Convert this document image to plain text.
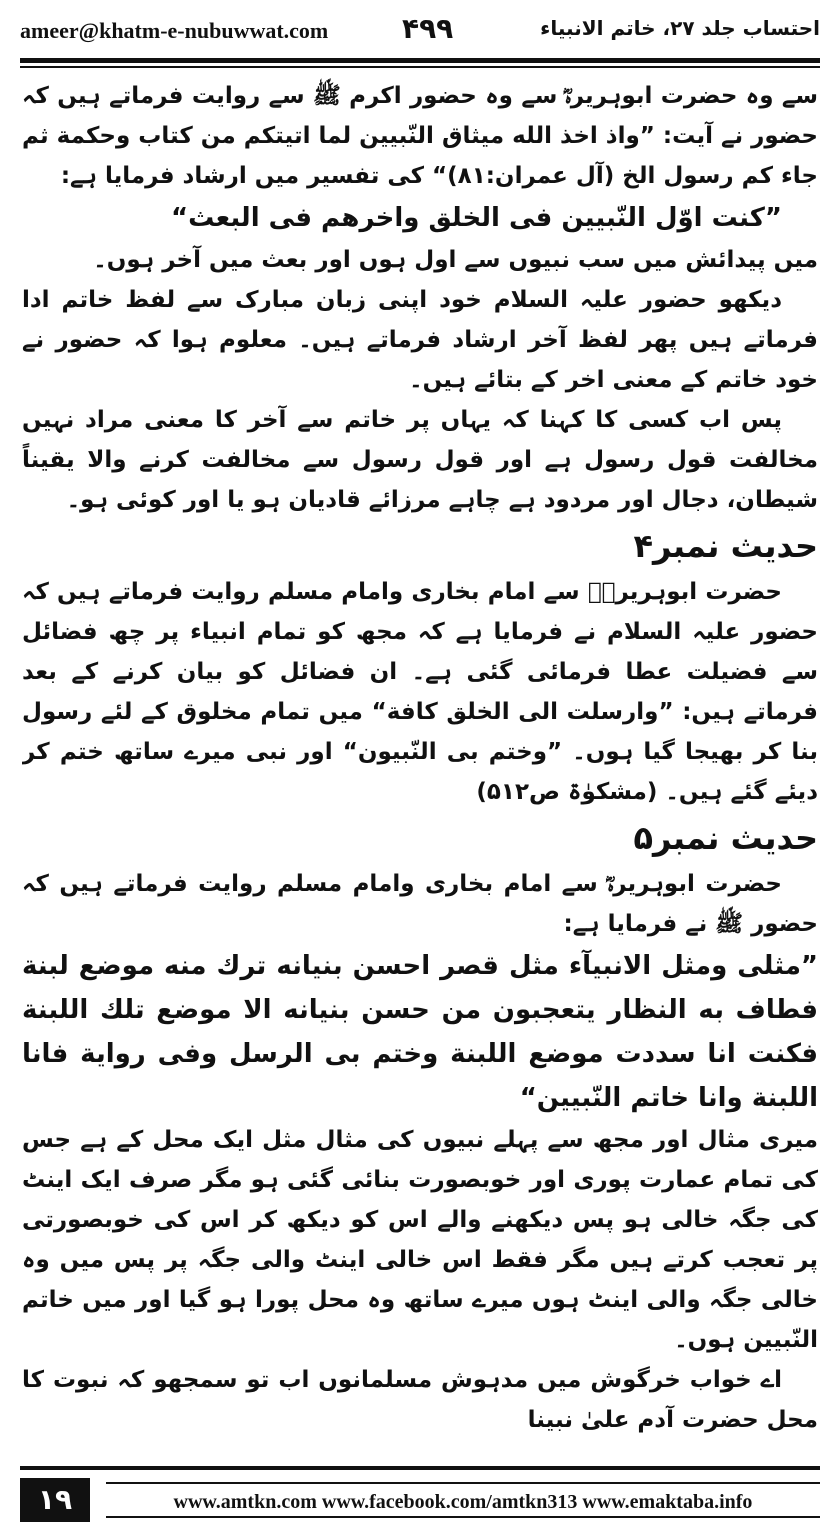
ameer@khatm-e-nubuwwat.com	۴۹۹	احتساب جلد ۲۷، خاتم الانبیاء

سے وہ حضرت ابوہریرہؓ سے وہ حضور اکرم ﷺ سے روایت فرماتے ہیں کہ حضور نے آیت: ”واذ اخذ الله ميثاق النّبيين لما اتيتكم من كتاب وحكمة ثم جاء كم رسول الخ (آل عمران:۸۱)“ کی تفسیر میں ارشاد فرمایا ہے:

”كنت اوّل النّبيين فى الخلق واخرهم فى البعث“

میں پیدائش میں سب نبیوں سے اول ہوں اور بعث میں آخر ہوں۔

دیکھو حضور علیہ السلام خود اپنی زبان مبارک سے لفظ خاتم ادا فرماتے ہیں پھر لفظ آخر ارشاد فرماتے ہیں۔ معلوم ہوا کہ حضور نے خود خاتم کے معنی اخر کے بتائے ہیں۔

پس اب کسی کا کہنا کہ یہاں پر خاتم سے آخر کا معنی مراد نہیں مخالفت قول رسول ہے اور قول رسول سے مخالفت کرنے والا یقیناً شیطان، دجال اور مردود ہے چاہے مرزائے قادیان ہو یا اور کوئی ہو۔

حدیث نمبر۴

حضرت ابوہریرہؓ سے امام بخاری وامام مسلم روایت فرماتے ہیں کہ حضور علیہ السلام نے فرمایا ہے کہ مجھ کو تمام انبیاء پر چھ فضائل سے فضیلت عطا فرمائی گئی ہے۔ ان فضائل کو بیان کرنے کے بعد فرماتے ہیں: ”وارسلت الى الخلق كافة“ میں تمام مخلوق کے لئے رسول بنا کر بھیجا گیا ہوں۔ ”وختم بى النّبيون“ اور نبی میرے ساتھ ختم کر دیئے گئے ہیں۔ (مشکوٰۃ ص۵۱۲)

حدیث نمبر۵

حضرت ابوہریرہؓ سے امام بخاری وامام مسلم روایت فرماتے ہیں کہ حضور ﷺ نے فرمایا ہے:

”مثلى ومثل الانبيآء مثل قصر احسن بنيانه ترك منه موضع لبنة فطاف به النظار يتعجبون من حسن بنيانه الا موضع تلك اللبنة فكنت انا سددت موضع اللبنة وختم بى الرسل وفى رواية فانا اللبنة وانا خاتم النّبيين“

میری مثال اور مجھ سے پہلے نبیوں کی مثال مثل ایک محل کے ہے جس کی تمام عمارت پوری اور خوبصورت بنائی گئی ہو مگر صرف ایک اینٹ کی جگہ خالی ہو پس دیکھنے والے اس کو دیکھ کر اس کی خوبصورتی پر تعجب کرتے ہیں مگر فقط اس خالی اینٹ والی جگہ پر پس میں وہ خالی جگہ والی اینٹ ہوں میرے ساتھ وہ محل پورا ہو گیا اور میں خاتم النّبیین ہوں۔

اے خواب خرگوش میں مدہوش مسلمانوں اب تو سمجھو کہ نبوت کا محل حضرت آدم علیٰ نبینا

۱۹	www.amtkn.com www.facebook.com/amtkn313 www.emaktaba.info
